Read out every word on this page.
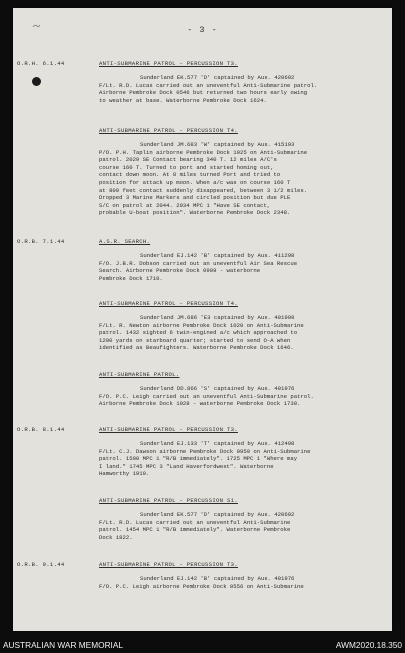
- 3 -
O.R.H. 6.1.44	ANTI-SUBMARINE PATROL - PERCUSSION T3.
Sunderland EK.577 'D' captained by Aus. 420692
F/Lt. R.D. Lucas carried out an uneventful Anti-Submarine patrol.
Airborne Pembroke Dock 0546 but returned two hours early owing
to weather at base. Waterborne Pembroke Dock 1624.
ANTI-SUBMARINE PATROL - PERCUSSION T4.
Sunderland JM.683 'W' captained by Aus. 415193
P/O. P.H. Taplin airborne Pembroke Dock 1025 on Anti-Submarine
patrol. 2029 SE Contact bearing 340 T. 12 miles A/C's
course 160 T. Turned to port and started homing out,
contact down moon. At 8 miles turned Port and tried to
position for attack up moon. When a/c was on course 160 T
at 800 feet contact suddenly disappeared, between 3 1/2 miles.
Dropped 3 Marine Markers and circled position but due PLE
S/C on patrol at 2044. 2034 MPC 1 "Have SE contact,
probable U-boat position". Waterborne Pembroke Dock 2348.
O.R.B. 7.1.44	A.S.R. SEARCH.
Sunderland EJ.142 'B' captained by Aus. 411298
F/O. J.B.R. Dobson carried out an uneventful Air Sea Rescue
Search. Airborne Pembroke Dock 0909 - waterborne
Pembroke Dock 1710.
ANTI-SUBMARINE PATROL - PERCUSSION T4.
Sunderland JM.686 'E3 captained by Aus. 401999
F/Lt. R. Newton airborne Pembroke Dock 1020 on Anti-Submarine
patrol. 1432 sighted 6 twin-engined a/c which approached to
1200 yards on starboard quarter; started to send O-A when
identified as Beaufighters. Waterborne Pembroke Dock 1646.
ANTI-SUBMARINE PATROL.
Sunderland DD.866 'S' captained by Aus. 401976
F/O. P.C. Leigh carried out an uneventful Anti-Submarine patrol.
Airborne Pembroke Dock 1028 - waterborne Pembroke Dock 1730.
O.R.B. 8.1.44	ANTI-SUBMARINE PATROL - PERCUSSION T3.
Sunderland EJ.133 'T' captained by Aus. 412498
F/Lt. C.J. Dawson airborne Pembroke Dock 0959 on Anti-Submarine
patrol. 1500 MPC 1 "R/B immediately". 1725 MPC 1 "Where may
I land." 1745 MPC 3 "Land Haverfordwest". Waterborne
Hamworthy 1919.
ANTI-SUBMARINE PATROL - PERCUSSION S1.
Sunderland EK.577 'D' captained by Aus. 420692
F/Lt. R.D. Lucas carried out an uneventful Anti-Submarine
patrol. 1454 MPC 1 "R/B immediately". Waterborne Pembroke
Dock 1822.
O.R.B. 9.1.44	ANTI-SUBMARINE PATROL - PERCUSSION T3.
Sunderland EJ.142 'B' captained by Aus. 401976
F/O. P.C. Leigh airborne Pembroke Dock 0556 on Anti-Submarine
AUSTRALIAN WAR MEMORIAL	AWM2020.18.350
